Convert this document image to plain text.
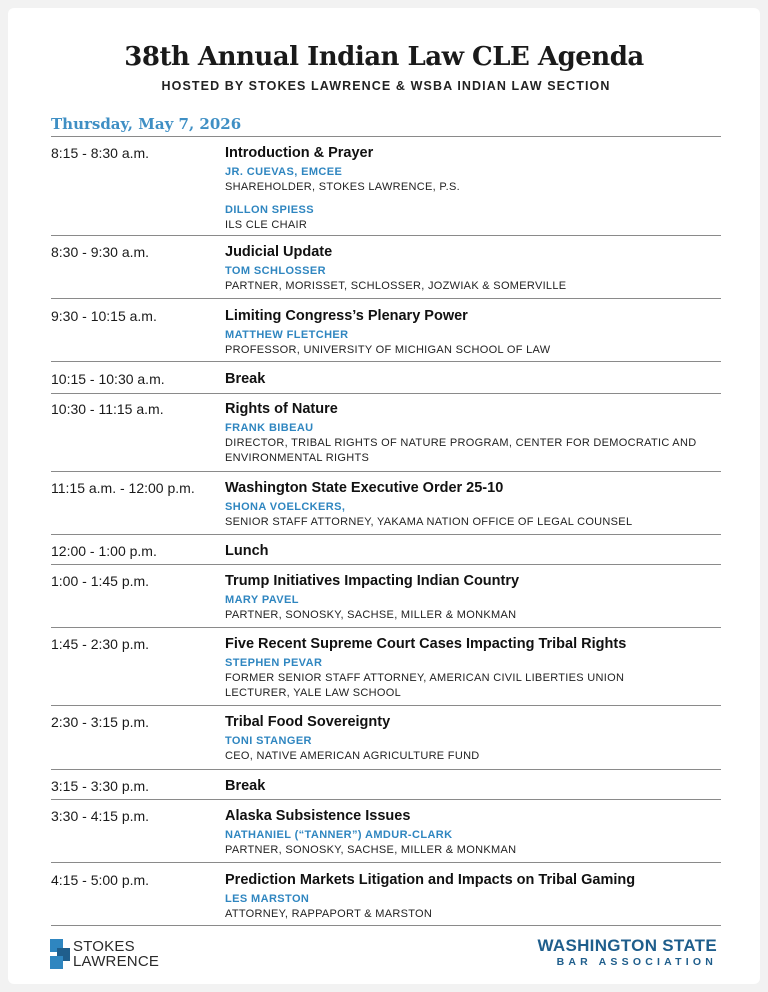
38th Annual Indian Law CLE Agenda
HOSTED BY STOKES LAWRENCE & WSBA INDIAN LAW SECTION
Thursday, May 7, 2026
8:15 - 8:30 a.m.	Introduction & Prayer
JR. CUEVAS, EMCEE
SHAREHOLDER, STOKES LAWRENCE, P.S.
DILLON SPIESS
ILS CLE CHAIR
8:30 - 9:30 a.m.	Judicial Update
TOM SCHLOSSER
PARTNER, MORISSET, SCHLOSSER, JOZWIAK & SOMERVILLE
9:30 - 10:15 a.m.	Limiting Congress’s Plenary Power
MATTHEW FLETCHER
PROFESSOR, UNIVERSITY OF MICHIGAN SCHOOL OF LAW
10:15 - 10:30 a.m.	Break
10:30 - 11:15 a.m.	Rights of Nature
FRANK BIBEAU
DIRECTOR, TRIBAL RIGHTS OF NATURE PROGRAM, CENTER FOR DEMOCRATIC AND
ENVIRONMENTAL RIGHTS
11:15 a.m. - 12:00 p.m. Washington State Executive Order 25-10
SHONA VOELCKERS,
SENIOR STAFF ATTORNEY, YAKAMA NATION OFFICE OF LEGAL COUNSEL
12:00 - 1:00 p.m.	Lunch
1:00 - 1:45 p.m.	Trump Initiatives Impacting Indian Country
MARY PAVEL
PARTNER, SONOSKY, SACHSE, MILLER & MONKMAN
1:45 - 2:30 p.m.	Five Recent Supreme Court Cases Impacting Tribal Rights
STEPHEN PEVAR
FORMER SENIOR STAFF ATTORNEY, AMERICAN CIVIL LIBERTIES UNION
LECTURER, YALE LAW SCHOOL
2:30 - 3:15 p.m.	Tribal Food Sovereignty
TONI STANGER
CEO, NATIVE AMERICAN AGRICULTURE FUND
3:15 - 3:30 p.m.	Break
3:30 - 4:15 p.m.	Alaska Subsistence Issues
NATHANIEL (“TANNER”) AMDUR-CLARK
PARTNER, SONOSKY, SACHSE, MILLER & MONKMAN
4:15 - 5:00 p.m.	Prediction Markets Litigation and Impacts on Tribal Gaming
LES MARSTON
ATTORNEY, RAPPAPORT & MARSTON
STOKES
LAWRENCE
WASHINGTON STATE
BAR ASSOCIATION
